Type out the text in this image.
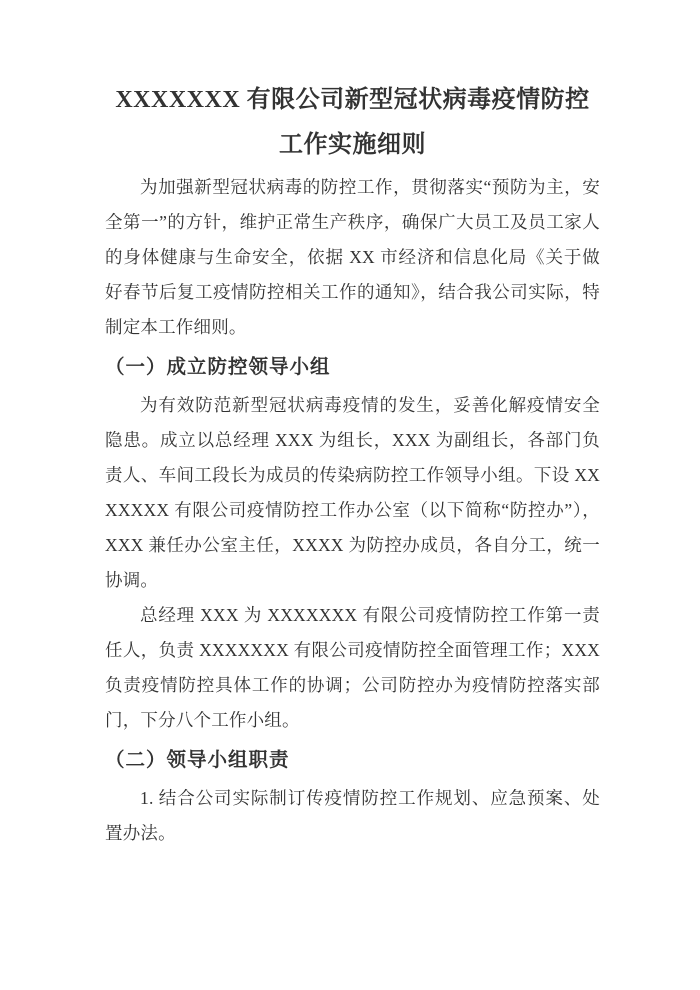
XXXXXXX 有限公司新型冠状病毒疫情防控工作实施细则

为加强新型冠状病毒的防控工作，贯彻落实“预防为主，安全第一”的方针，维护正常生产秩序，确保广大员工及员工家人的身体健康与生命安全，依据 XX 市经济和信息化局《关于做好春节后复工疫情防控相关工作的通知》，结合我公司实际，特制定本工作细则。

（一）成立防控领导小组

为有效防范新型冠状病毒疫情的发生，妥善化解疫情安全隐患。成立以总经理 XXX 为组长，XXX 为副组长，各部门负责人、车间工段长为成员的传染病防控工作领导小组。下设 XXXXXXX 有限公司疫情防控工作办公室（以下简称“防控办”），XXX 兼任办公室主任，XXXX 为防控办成员，各自分工，统一协调。

总经理 XXX 为 XXXXXXX 有限公司疫情防控工作第一责任人，负责 XXXXXXX 有限公司疫情防控全面管理工作；XXX 负责疫情防控具体工作的协调；公司防控办为疫情防控落实部门，下分八个工作小组。

（二）领导小组职责

1. 结合公司实际制订传疫情防控工作规划、应急预案、处置办法。
